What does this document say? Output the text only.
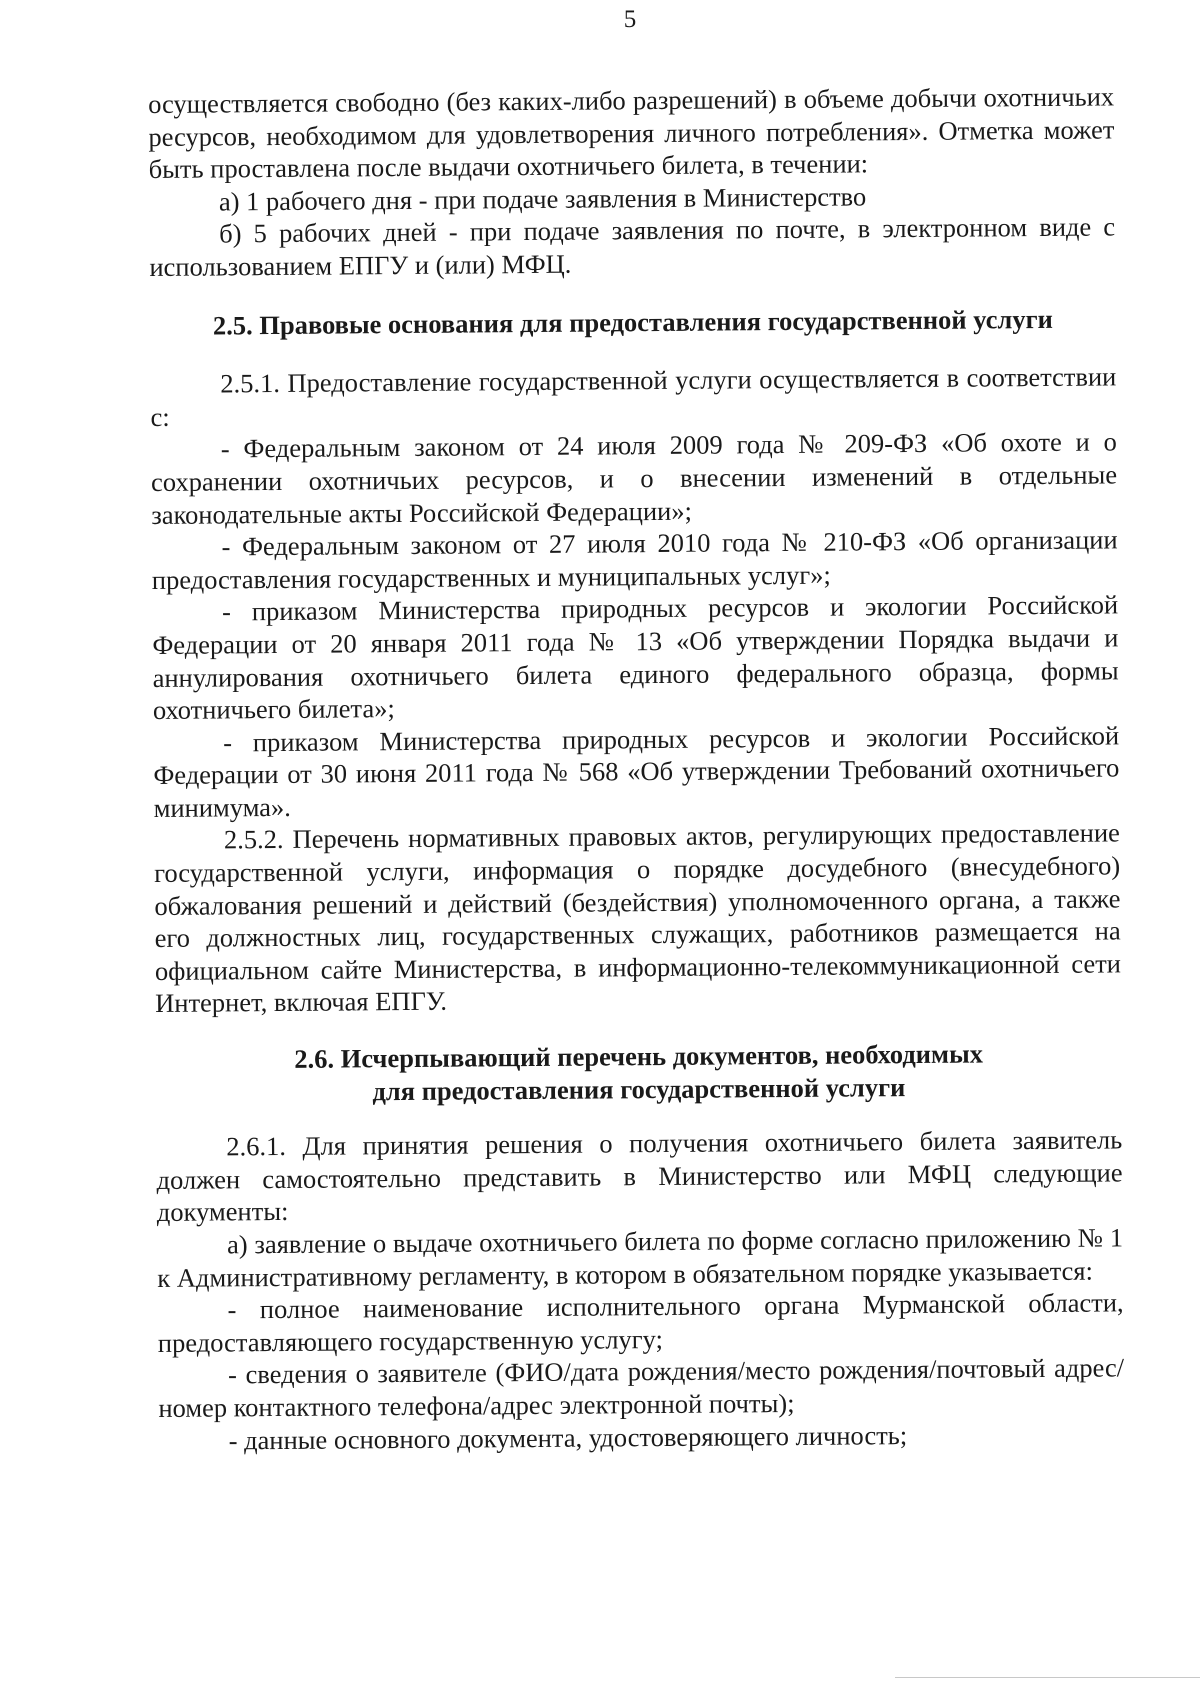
5

осуществляется свободно (без каких-либо разрешений) в объеме добычи охотничьих ресурсов, необходимом для удовлетворения личного потребления». Отметка может быть проставлена после выдачи охотничьего билета, в течении:

а) 1 рабочего дня - при подаче заявления в Министерство

б) 5 рабочих дней - при подаче заявления по почте, в электронном виде с использованием ЕПГУ и (или) МФЦ.

2.5. Правовые основания для предоставления государственной услуги

2.5.1. Предоставление государственной услуги осуществляется в соответствии с:

- Федеральным законом от 24 июля 2009 года № 209-ФЗ «Об охоте и о сохранении охотничьих ресурсов, и о внесении изменений в отдельные законодательные акты Российской Федерации»;

- Федеральным законом от 27 июля 2010 года № 210-ФЗ «Об организации предоставления государственных и муниципальных услуг»;

- приказом Министерства природных ресурсов и экологии Российской Федерации от 20 января 2011 года № 13 «Об утверждении Порядка выдачи и аннулирования охотничьего билета единого федерального образца, формы охотничьего билета»;

- приказом Министерства природных ресурсов и экологии Российской Федерации от 30 июня 2011 года № 568 «Об утверждении Требований охотничьего минимума».

2.5.2. Перечень нормативных правовых актов, регулирующих предоставление государственной услуги, информация о порядке досудебного (внесудебного) обжалования решений и действий (бездействия) уполномоченного органа, а также его должностных лиц, государственных служащих, работников размещается на официальном сайте Министерства, в информационно-телекоммуникационной сети Интернет, включая ЕПГУ.

2.6. Исчерпывающий перечень документов, необходимых

для предоставления государственной услуги

2.6.1. Для принятия решения о получения охотничьего билета заявитель должен самостоятельно представить в Министерство или МФЦ следующие документы:

а) заявление о выдаче охотничьего билета по форме согласно приложению № 1 к Административному регламенту, в котором в обязательном порядке указывается:

- полное наименование исполнительного органа Мурманской области, предоставляющего государственную услугу;

- сведения о заявителе (ФИО/дата рождения/место рождения/почтовый адрес/номер контактного телефона/адрес электронной почты);

- данные основного документа, удостоверяющего личность;
